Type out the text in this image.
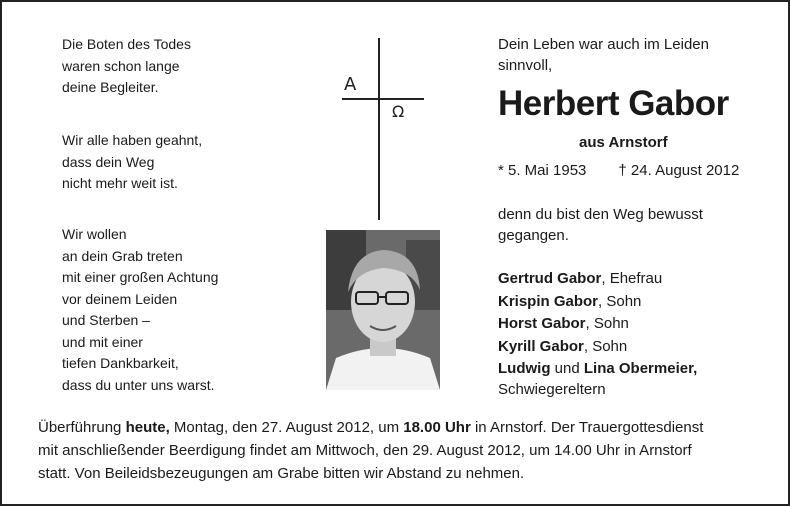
Die Boten des Todes
waren schon lange
deine Begleiter.
Wir alle haben geahnt,
dass dein Weg
nicht mehr weit ist.
Wir wollen
an dein Grab treten
mit einer großen Achtung
vor deinem Leiden
und Sterben –
und mit einer
tiefen Dankbarkeit,
dass du unter uns warst.
A
Ω
Dein Leben war auch im Leiden
sinnvoll,
Herbert Gabor
aus Arnstorf
* 5. Mai 1953 † 24. August 2012
denn du bist den Weg bewusst
gegangen.
Gertrud Gabor, Ehefrau
Krispin Gabor, Sohn
Horst Gabor, Sohn
Kyrill Gabor, Sohn
Ludwig und Lina Obermeier,
Schwiegereltern
Überführung heute, Montag, den 27. August 2012, um 18.00 Uhr in Arnstorf. Der Trauergottesdienst
mit anschließender Beerdigung findet am Mittwoch, den 29. August 2012, um 14.00 Uhr in Arnstorf
statt. Von Beileidsbezeugungen am Grabe bitten wir Abstand zu nehmen.
